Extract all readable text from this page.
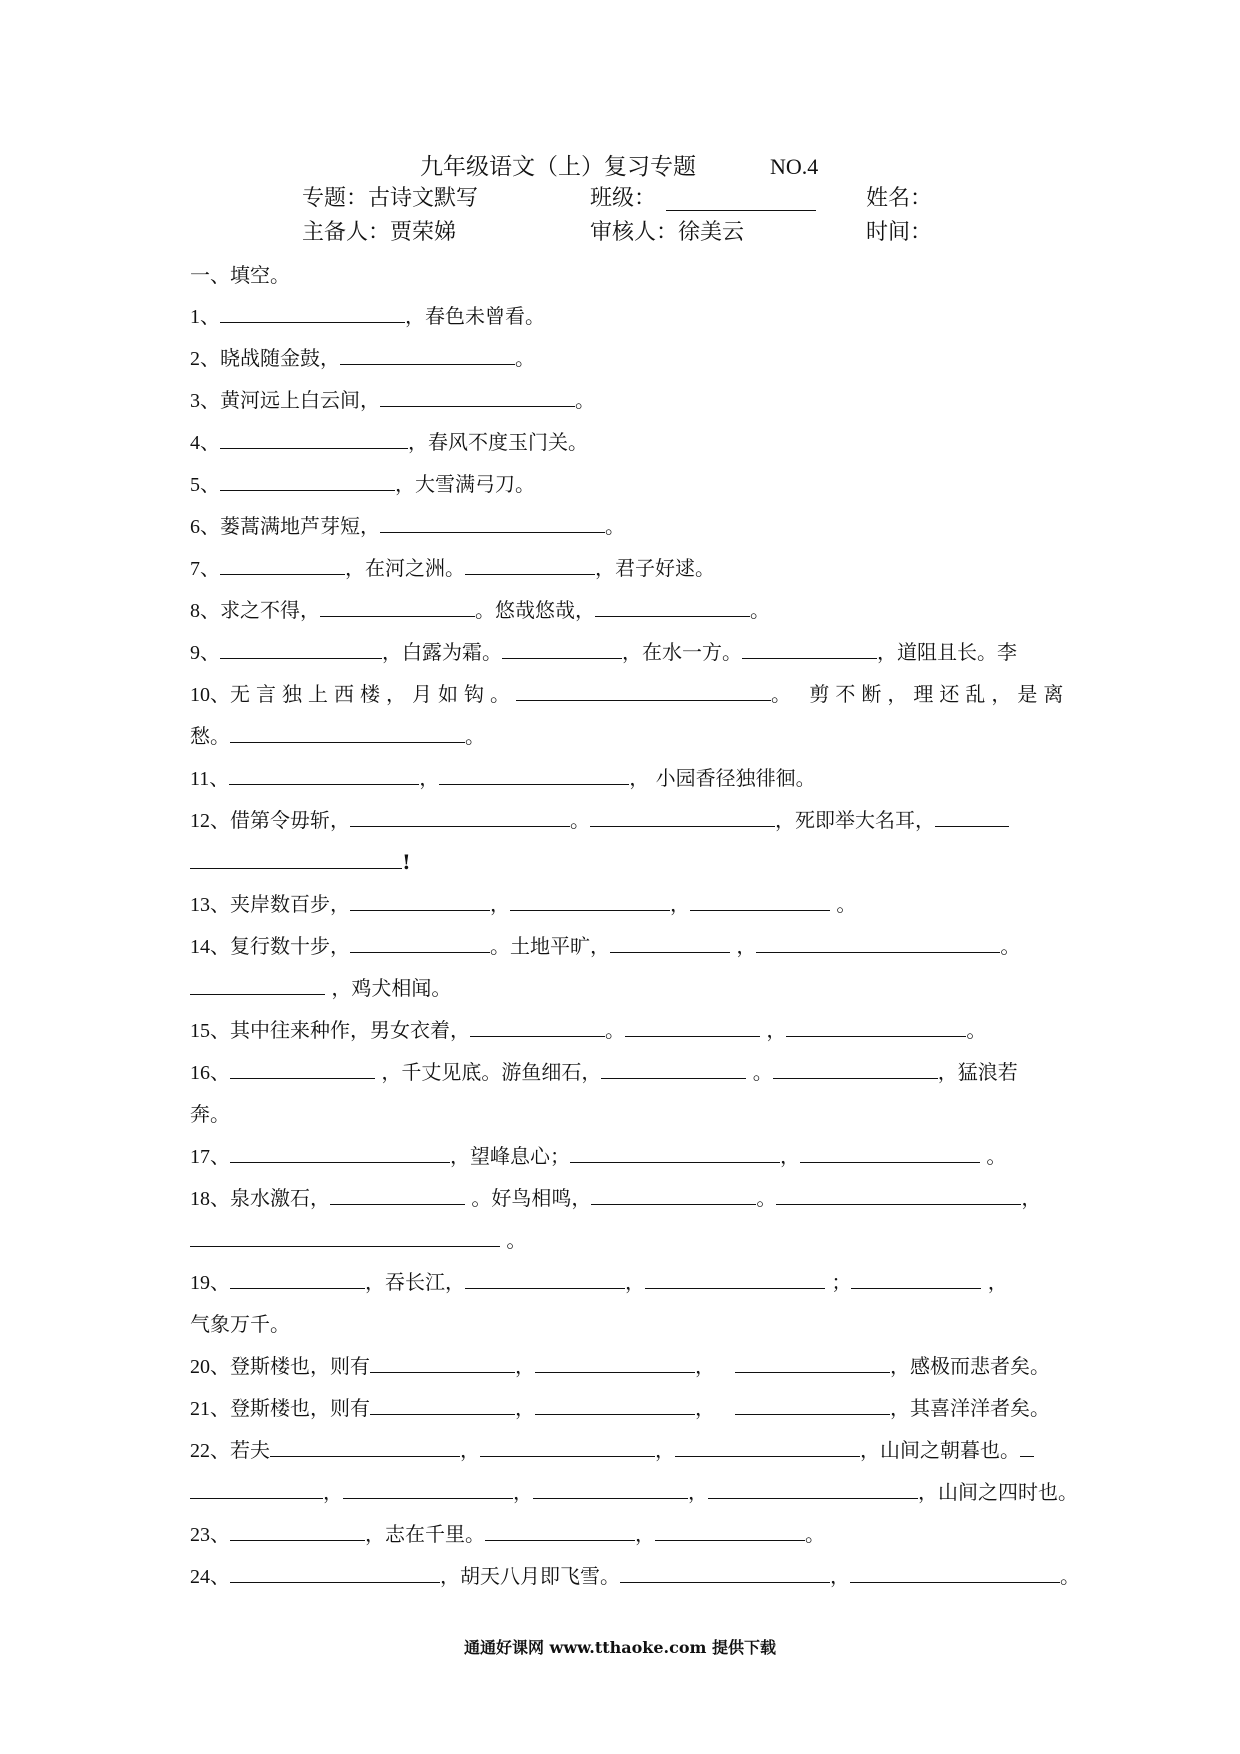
九年级语文（上）复习专题	NO.4
专题：古诗文默写	班级：	姓名：
主备人：贾荣娣	审核人：徐美云	时间：
一、填空。
1、	，春色未曾看。
2、晓战随金鼓，	。
3、黄河远上白云间，	。
4、	，春风不度玉门关。
5、	，大雪满弓刀。
6、蒌蒿满地芦芽短，	。
7、	，在河之洲。	，君子好逑。
8、求之不得，	。悠哉悠哉，	。
9、	，白露为霜。	，在水一方。	，道阻且长。李
10、无言独上西楼，月如钩。	。 剪不断，理还乱，是离
愁。	。
11、	，	， 小园香径独徘徊。
12、借第令毋斩，	。	，死即举大名耳，
!
13、夹岸数百步，	，	，	。
14、复行数十步，	。土地平旷，	，	。
，鸡犬相闻。
15、其中往来种作，男女衣着，	。	，	。
16、	，千丈见底。游鱼细石，	。	，猛浪若
奔。
17、	，望峰息心；	，	。
18、泉水激石，	。好鸟相鸣，	。	，
。
19、	，吞长江，	，	；	，
气象万千。
20、登斯楼也，则有	，	，	，感极而悲者矣。
21、登斯楼也，则有	，	，	，其喜洋洋者矣。
22、若夫	，	，	，山间之朝暮也。
，	，	，	，山间之四时也。
23、	，志在千里。	，	。
24、	，胡天八月即飞雪。	，	。
通通好课网 www.tthaoke.com 提供下载
